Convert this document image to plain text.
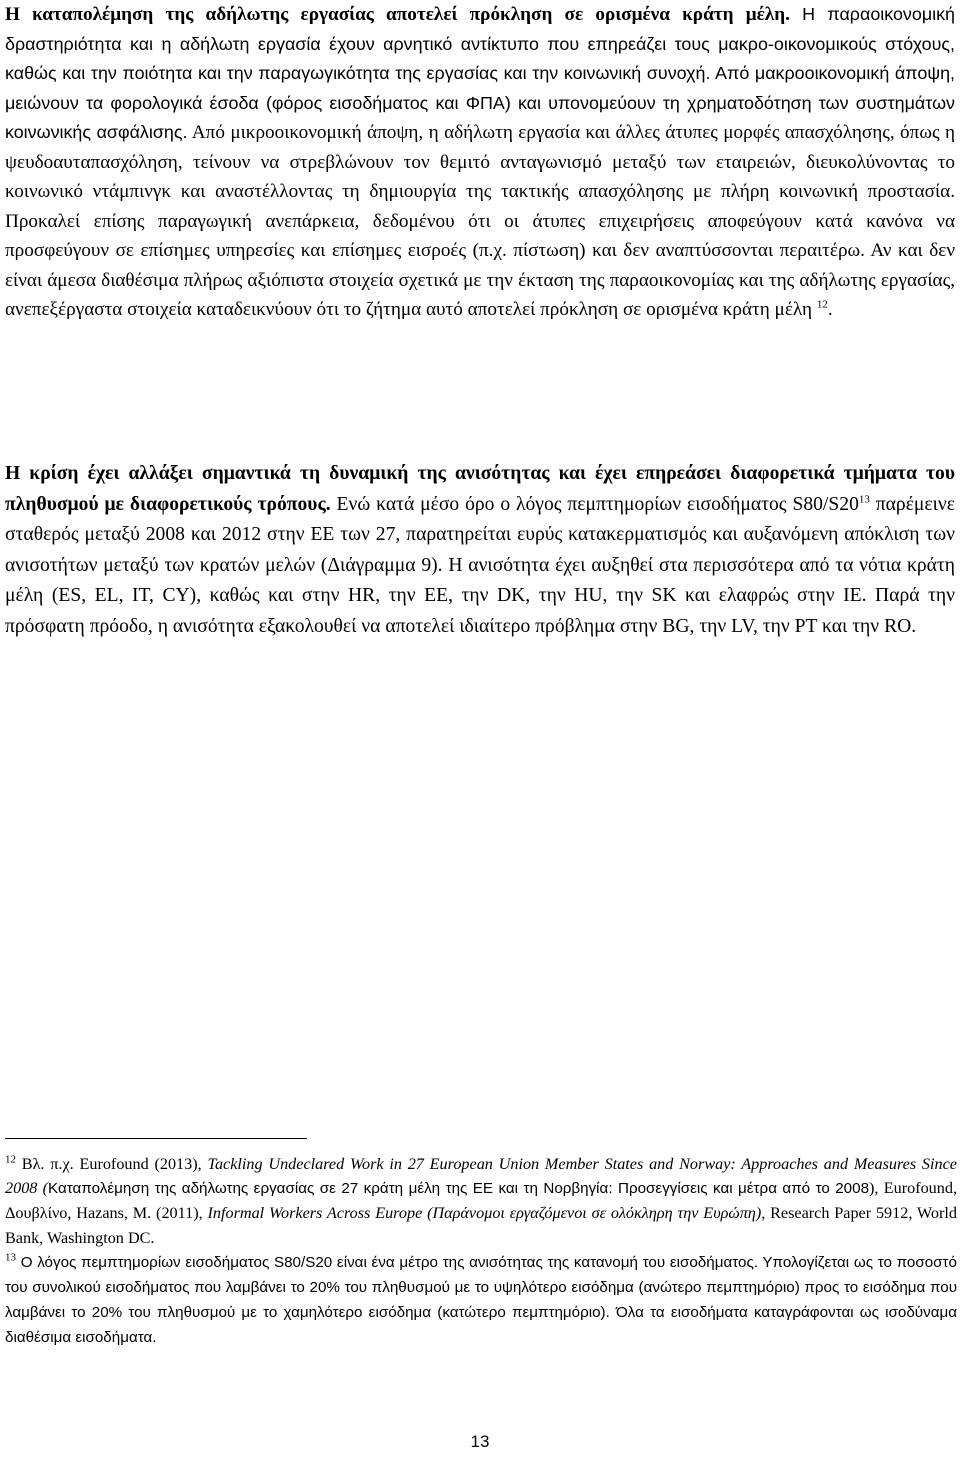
Η καταπολέμηση της αδήλωτης εργασίας αποτελεί πρόκληση σε ορισμένα κράτη μέλη. Η παραοικονομική δραστηριότητα και η αδήλωτη εργασία έχουν αρνητικό αντίκτυπο που επηρεάζει τους μακρο-οικονομικούς στόχους, καθώς και την ποιότητα και την παραγωγικότητα της εργασίας και την κοινωνική συνοχή. Από μακροοικονομική άποψη, μειώνουν τα φορολογικά έσοδα (φόρος εισοδήματος και ΦΠΑ) και υπονομεύουν τη χρηματοδότηση των συστημάτων κοινωνικής ασφάλισης. Από μικροοικονομική άποψη, η αδήλωτη εργασία και άλλες άτυπες μορφές απασχόλησης, όπως η ψευδοαυταπασχόληση, τείνουν να στρεβλώνουν τον θεμιτό ανταγωνισμό μεταξύ των εταιρειών, διευκολύνοντας το κοινωνικό ντάμπινγκ και αναστέλλοντας τη δημιουργία της τακτικής απασχόλησης με πλήρη κοινωνική προστασία. Προκαλεί επίσης παραγωγική ανεπάρκεια, δεδομένου ότι οι άτυπες επιχειρήσεις αποφεύγουν κατά κανόνα να προσφεύγουν σε επίσημες υπηρεσίες και επίσημες εισροές (π.χ. πίστωση) και δεν αναπτύσσονται περαιτέρω. Αν και δεν είναι άμεσα διαθέσιμα πλήρως αξιόπιστα στοιχεία σχετικά με την έκταση της παραοικονομίας και της αδήλωτης εργασίας, ανεπεξέργαστα στοιχεία καταδεικνύουν ότι το ζήτημα αυτό αποτελεί πρόκληση σε ορισμένα κράτη μέλη $^{12}$.

Η κρίση έχει αλλάξει σημαντικά τη δυναμική της ανισότητας και έχει επηρεάσει διαφορετικά τμήματα του πληθυσμού με διαφορετικούς τρόπους. Ενώ κατά μέσο όρο ο λόγος πεμπτημορίων εισοδήματος $S80/S20^{13}$ παρέμεινε σταθερός μεταξύ 2008 και 2012 στην ΕΕ των 27, παρατηρείται ευρύς κατακερματισμός και αυξανόμενη απόκλιση των ανισοτήτων μεταξύ των κρατών μελών (Διάγραμμα 9). Η ανισότητα έχει αυξηθεί στα περισσότερα από τα νότια κράτη μέλη (ES, EL, IT, CY), καθώς και στην HR, την EE, την DK, την HU, την SK και ελαφρώς στην IE. Παρά την πρόσφατη πρόοδο, η ανισότητα εξακολουθεί να αποτελεί ιδιαίτερο πρόβλημα στην BG, την LV, την PT και την RO.

$^{12}$ Βλ. π.χ. Eurofound (2013), Tackling Undeclared Work in 27 European Union Member States and Norway: Approaches and Measures Since 2008 (Καταπολέμηση της αδήλωτης εργασίας σε 27 κράτη μέλη της ΕΕ και τη Νορβηγία: Προσεγγίσεις και μέτρα από το 2008), Eurofound, Δουβλίνο, Hazans, M. (2011), Informal Workers Across Europe (Παράνομοι εργαζόμενοι σε ολόκληρη την Ευρώπη), Research Paper 5912, World Bank, Washington DC.

$^{13}$ Ο λόγος πεμπτημορίων εισοδήματος S80/S20 είναι ένα μέτρο της ανισότητας της κατανομή του εισοδήματος. Υπολογίζεται ως το ποσοστό του συνολικού εισοδήματος που λαμβάνει το 20% του πληθυσμού με το υψηλότερο εισόδημα (ανώτερο πεμπτημόριο) προς το εισόδημα που λαμβάνει το 20% του πληθυσμού με το χαμηλότερο εισόδημα (κατώτερο πεμπτημόριο). Όλα τα εισοδήματα καταγράφονται ως ισοδύναμα διαθέσιμα εισοδήματα.

13
